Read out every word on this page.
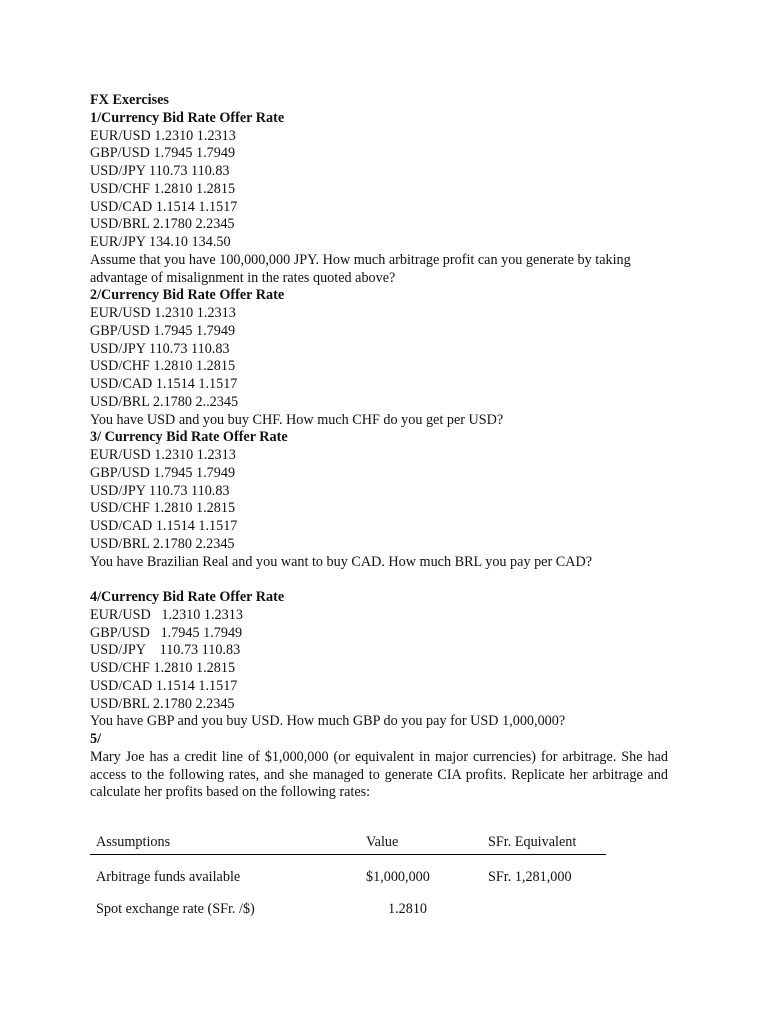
FX Exercises
1/Currency Bid Rate Offer Rate
EUR/USD 1.2310 1.2313
GBP/USD 1.7945 1.7949
USD/JPY 110.73 110.83
USD/CHF 1.2810 1.2815
USD/CAD 1.1514 1.1517
USD/BRL 2.1780 2.2345
EUR/JPY 134.10 134.50
Assume that you have 100,000,000 JPY. How much arbitrage profit can you generate by taking
advantage of misalignment in the rates quoted above?
2/Currency Bid Rate Offer Rate
EUR/USD 1.2310 1.2313
GBP/USD 1.7945 1.7949
USD/JPY 110.73 110.83
USD/CHF 1.2810 1.2815
USD/CAD 1.1514 1.1517
USD/BRL 2.1780 2..2345
You have USD and you buy CHF. How much CHF do you get per USD?
3/ Currency Bid Rate Offer Rate
EUR/USD 1.2310 1.2313
GBP/USD 1.7945 1.7949
USD/JPY 110.73 110.83
USD/CHF 1.2810 1.2815
USD/CAD 1.1514 1.1517
USD/BRL 2.1780 2.2345
You have Brazilian Real and you want to buy CAD. How much BRL you pay per CAD?
4/Currency Bid Rate Offer Rate
EUR/USD   1.2310 1.2313
GBP/USD   1.7945 1.7949
USD/JPY    110.73 110.83
USD/CHF 1.2810 1.2815
USD/CAD 1.1514 1.1517
USD/BRL 2.1780 2.2345
You have GBP and you buy USD. How much GBP do you pay for USD 1,000,000?
5/
Mary Joe has a credit line of $1,000,000 (or equivalent in major currencies) for arbitrage. She had access to the following rates, and she managed to generate CIA profits. Replicate her arbitrage and calculate her profits based on the following rates:
Assumptions	Value	SFr. Equivalent
Arbitrage funds available	$1,000,000	SFr. 1,281,000
Spot exchange rate (SFr. /$)	1.2810
